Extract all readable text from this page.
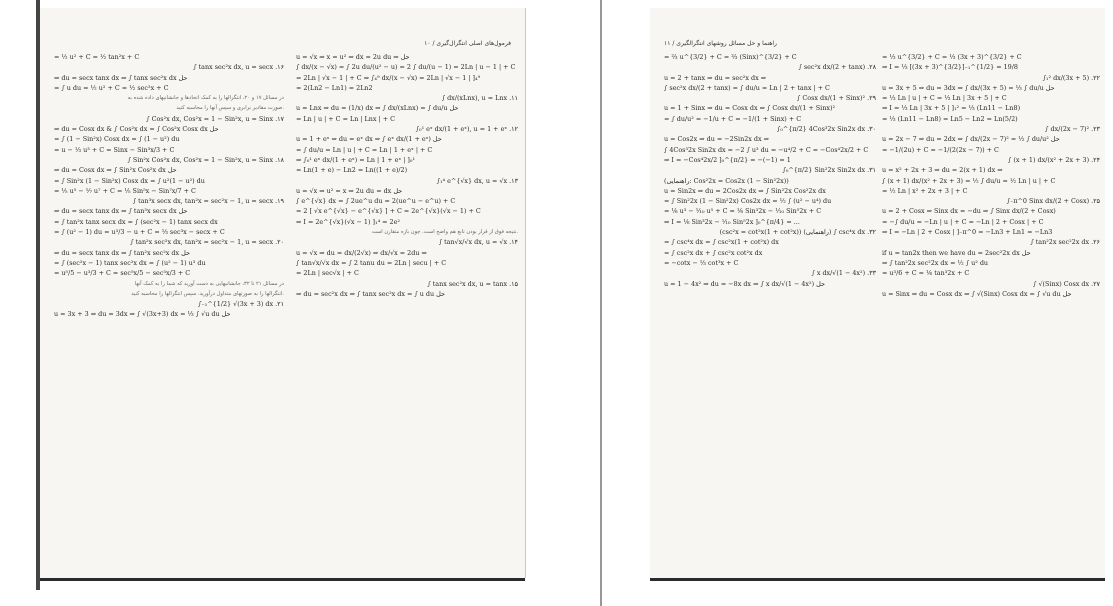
۱۰ / فرمول‌های اصلی انتگرال‌گیری
= ½ u² + C = ½ tan²x + C
∫ tanx sec²x dx, u = secx .۱۶
⇒ du = secx tanx dx ⇒ ∫ tanx sec²x dx حل
= ∫ u du = ½ u² + C = ½ sec²x + C
در مسائل ۱۷ و ۲۰، انتگرالها را به کمک اتحادها و جانشانیهای داده شده به
صورت مقادیر برابری و سپس آنها را محاسبه کنید.
∫ Cos²x dx, Cos²x = 1 − Sin²x, u = Sinx .۱۷
⇒ du = Cosx dx & ∫ Cos²x dx = ∫ Cos²x Cosx dx حل
= ∫ (1 − Sin²x) Cosx dx = ∫ (1 − u²) du
= u − ⅓ u³ + C = Sinx − Sin³x/3 + C
∫ Sin²x Cos²x dx, Cos²x = 1 − Sin²x, u = Sinx .۱۸
⇒ du = Cosx dx ⇒ ∫ Sin²x Cos²x dx حل
= ∫ Sin²x (1 − Sin²x) Cosx dx = ∫ u²(1 − u²) du
= ⅕ u⁵ − ⅐ u⁷ + C = ⅕ Sin⁵x − Sin⁷x/7 + C
∫ tan³x secx dx, tan²x = sec²x − 1, u = secx .۱۹
⇒ du = secx tanx dx ⇒ ∫ tan³x secx dx حل
= ∫ tan²x tanx secx dx = ∫ (sec²x − 1) tanx secx dx
= ∫ (u² − 1) du = u³/3 − u + C = ⅓ sec³x − secx + C
∫ tan²x sec²x dx, tan²x = sec²x − 1, u = secx .۲۰
⇒ du = secx tanx dx ⇒ ∫ tan²x sec²x dx حل
= ∫ (sec²x − 1) tanx sec²x dx = ∫ (u² − 1) u³ du
= u⁵/5 − u³/3 + C = sec⁵x/5 − sec³x/3 + C
در مسائل ۲۱ تا ۳۲، جانشانیهایی به دست آورید که شما را به کمک آنها
انتگرالها را به صورتهای متداول درآورید. سپس انتگرالها را محاسبه کنید.
∫₋₁^{1/2} √(3x + 3) dx .۲۱
u = 3x + 3 ⇒ du = 3dx ⇒ ∫ √(3x+3) dx = ⅓ ∫ √u du حل
u = √x ⇒ x = u² ⇒ dx = 2u du ⇒ حل
∫ dx/(x − √x) = ∫ 2u du/(u² − u) = 2 ∫ du/(u − 1) = 2Ln | u − 1 | + C
= 2Ln | √x − 1 | + C ⇒ ∫₄⁹ dx/(x − √x) = 2Ln | √x − 1 | ]₄⁹
= 2(Ln2 − Ln1) = 2Ln2
∫ dx/(xLnx), u = Lnx .۱۱
u = Lnx ⇒ du = (1/x) dx ⇒ ∫ dx/(xLnx) = ∫ du/u حل
= Ln | u | + C = Ln | Lnx | + C
∫₀¹ eˣ dx/(1 + eˣ), u = 1 + eˣ .۱۲
u = 1 + eˣ ⇒ du = eˣ dx ⇒ ∫ eˣ dx/(1 + eˣ) حل
= ∫ du/u = Ln | u | + C = Ln | 1 + eˣ | + C
⇒ ∫₀¹ eˣ dx/(1 + eˣ) = Ln | 1 + eˣ | ]₀¹
= Ln(1 + e) − Ln2 = Ln((1 + e)/2)
∫₁⁴ e^{√x} dx, u = √x .۱۳
u = √x ⇒ u² = x ⇒ 2u du = dx حل
∫ e^{√x} dx = ∫ 2ue^u du = 2(ue^u − e^u) + C
= 2 [ √x e^{√x} − e^{√x} ] + C = 2e^{√x}(√x − 1) + C
⇒ I = 2e^{√x}(√x − 1) ]₁⁴ = 2e²
نتیجه فوق از قرار بودن تابع هم واضح است. چون بازه متقارن است.
∫ tan√x/√x dx, u = √x .۱۴
u = √x ⇒ du = dx/(2√x) ⇒ dx/√x = 2du ⇒
∫ tan√x/√x dx = ∫ 2 tanu du = 2Ln | secu | + C
= 2Ln | sec√x | + C
∫ tanx sec²x dx, u = tanx .۱۵
⇒ du = sec²x dx ⇒ ∫ tanx sec²x dx = ∫ u du حل
راهنما و حل مسائل روشهای انتگرالگیری / ۱۱
= ⅔ u^{3/2} + C = ⅔ (Sinx)^{3/2} + C
∫ sec²x dx/(2 + tanx) .۲۸
u = 2 + tanx ⇒ du = sec²x dx ⇒
∫ sec²x dx/(2 + tanx) = ∫ du/u = Ln | 2 + tanx | + C
∫ Cosx dx/(1 + Sinx)² .۲۹
u = 1 + Sinx ⇒ du = Cosx dx ⇒ ∫ Cosx dx/(1 + Sinx)²
= ∫ du/u² = −1/u + C = −1/(1 + Sinx) + C
∫₀^{π/2} 4Cos³2x Sin2x dx .۳۰
u = Cos2x ⇒ du = −2Sin2x dx ⇒
∫ 4Cos³2x Sin2x dx = −2 ∫ u³ du = −u⁴/2 + C = −Cos⁴2x/2 + C
⇒ I = −Cos⁴2x/2 ]₀^{π/2} = −(−1) = 1
∫₀^{π/2} Sin²2x Sin2x dx .۳۱
(راهنمایی: Cos²2x = Cos2x (1 − Sin²2x))
u = Sin2x ⇒ du = 2Cos2x dx ⇒ ∫ Sin²2x Cos²2x dx
= ∫ Sin²2x (1 − Sin²2x) Cos2x dx = ½ ∫ (u² − u⁴) du
= ⅙ u³ − ⅒ u⁵ + C = ⅙ Sin³2x − ⅒ Sin⁵2x + C
⇒ I = ⅙ Sin³2x − ⅒ Sin⁵2x ]₀^{π/4} = ...
(csc²x = cot²x(1 + cot²x)) (راهنمایی) ∫ csc⁴x dx .۳۲
= ∫ csc⁴x dx = ∫ csc²x(1 + cot²x) dx
= ∫ csc²x dx + ∫ csc²x cot²x dx
= −cotx − ⅓ cot³x + C
∫ x dx/√(1 − 4x²) .۳۳
u = 1 − 4x² ⇒ du = −8x dx ⇒ ∫ x dx/√(1 − 4x²) حل
= ⅓ u^{3/2} + C = ⅓ (3x + 3)^{3/2} + C
⇒ I = ⅓ [(3x + 3)^{3/2}]₋₁^{1/2} = 19/8
∫₁² dx/(3x + 5) .۲۲
u = 3x + 5 ⇒ du = 3dx ⇒ ∫ dx/(3x + 5) = ⅓ ∫ du/u حل
= ⅓ Ln | u | + C = ⅓ Ln | 3x + 5 | + C
⇒ I = ⅓ Ln | 3x + 5 | ]₁² = ⅓ (Ln11 − Ln8)
= ⅓ (Ln11 − Ln8) = Ln5 − Ln2 = Ln(5/2)
∫ dx/(2x − 7)² .۲۳
u = 2x − 7 ⇒ du = 2dx ⇒ ∫ dx/(2x − 7)² = ½ ∫ du/u² حل
= −1/(2u) + C = −1/(2(2x − 7)) + C
∫ (x + 1) dx/(x² + 2x + 3) .۲۴
u = x² + 2x + 3 ⇒ du = 2(x + 1) dx ⇒
∫ (x + 1) dx/(x² + 2x + 3) = ½ ∫ du/u = ½ Ln | u | + C
= ½ Ln | x² + 2x + 3 | + C
∫₋π^0 Sinx dx/(2 + Cosx) .۲۵
u = 2 + Cosx ⇒ Sinx dx = −du ⇒ ∫ Sinx dx/(2 + Cosx)
= −∫ du/u = −Ln | u | + C = −Ln | 2 + Cosx | + C
⇒ I = −Ln | 2 + Cosx | ]₋π^0 = −Ln3 + Ln1 = −Ln3
∫ tan²2x sec²2x dx .۲۶
if u = tan2x then we have du = 2sec²2x dx حل
⇒ ∫ tan²2x sec²2x dx = ½ ∫ u² du
= u³/6 + C = ⅙ tan³2x + C
∫ √(Sinx) Cosx dx .۲۷
u = Sinx ⇒ du = Cosx dx ⇒ ∫ √(Sinx) Cosx dx = ∫ √u du حل
